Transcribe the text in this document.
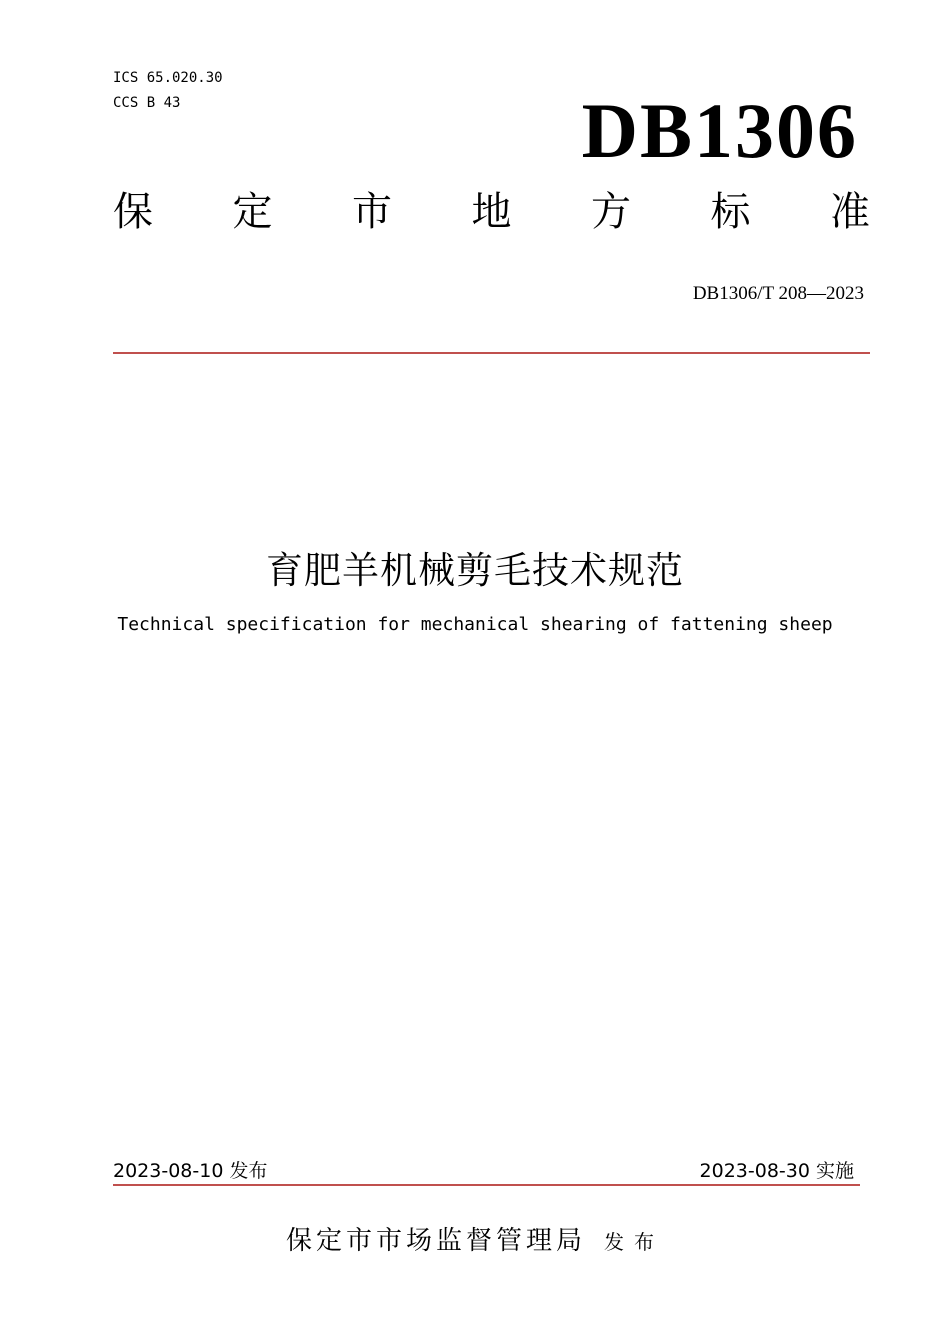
ICS 65.020.30
CCS B 43	DB1306
保 定 市 地 方 标 准
DB1306/T 208—2023
育肥羊机械剪毛技术规范
Technical specification for mechanical shearing of fattening sheep
2023-08-10 发布	2023-08-30 实施
保定市市场监督管理局 发布
